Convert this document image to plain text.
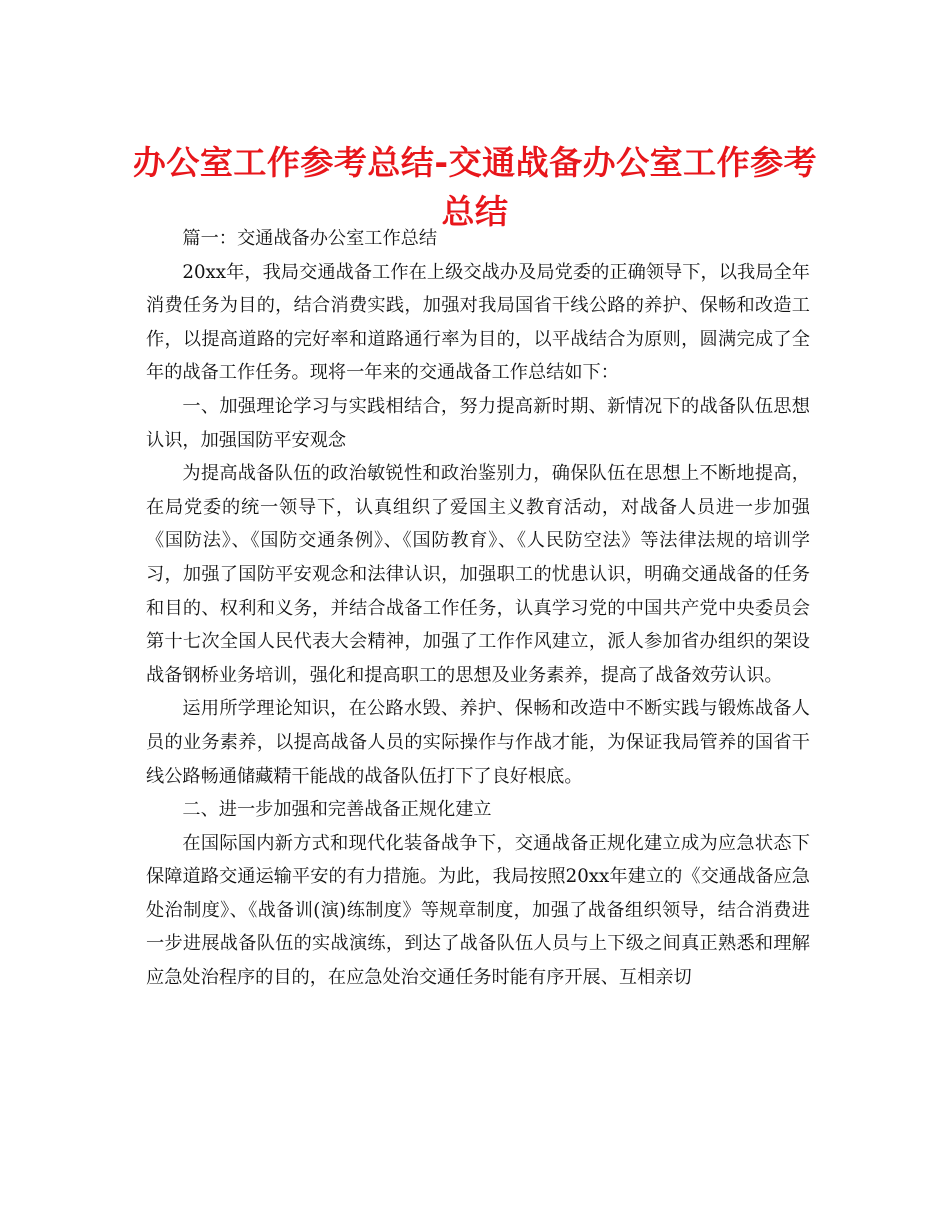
办公室工作参考总结-交通战备办公室工作参考总结

篇一：交通战备办公室工作总结

20xx年，我局交通战备工作在上级交战办及局党委的正确领导下，以我局全年消费任务为目的，结合消费实践，加强对我局国省干线公路的养护、保畅和改造工作，以提高道路的完好率和道路通行率为目的，以平战结合为原则，圆满完成了全年的战备工作任务。现将一年来的交通战备工作总结如下：

一、加强理论学习与实践相结合，努力提高新时期、新情况下的战备队伍思想认识，加强国防平安观念

为提高战备队伍的政治敏锐性和政治鉴别力，确保队伍在思想上不断地提高，在局党委的统一领导下，认真组织了爱国主义教育活动，对战备人员进一步加强《国防法》、《国防交通条例》、《国防教育》、《人民防空法》等法律法规的培训学习，加强了国防平安观念和法律认识，加强职工的忧患认识，明确交通战备的任务和目的、权利和义务，并结合战备工作任务，认真学习党的中国共产党中央委员会第十七次全国人民代表大会精神，加强了工作作风建立，派人参加省办组织的架设战备钢桥业务培训，强化和提高职工的思想及业务素养，提高了战备效劳认识。

运用所学理论知识，在公路水毁、养护、保畅和改造中不断实践与锻炼战备人员的业务素养，以提高战备人员的实际操作与作战才能，为保证我局管养的国省干线公路畅通储藏精干能战的战备队伍打下了良好根底。

二、进一步加强和完善战备正规化建立

在国际国内新方式和现代化装备战争下，交通战备正规化建立成为应急状态下保障道路交通运输平安的有力措施。为此，我局按照20xx年建立的《交通战备应急处治制度》、《战备训(演)练制度》等规章制度，加强了战备组织领导，结合消费进一步进展战备队伍的实战演练，到达了战备队伍人员与上下级之间真正熟悉和理解应急处治程序的目的，在应急处治交通任务时能有序开展、互相亲切
